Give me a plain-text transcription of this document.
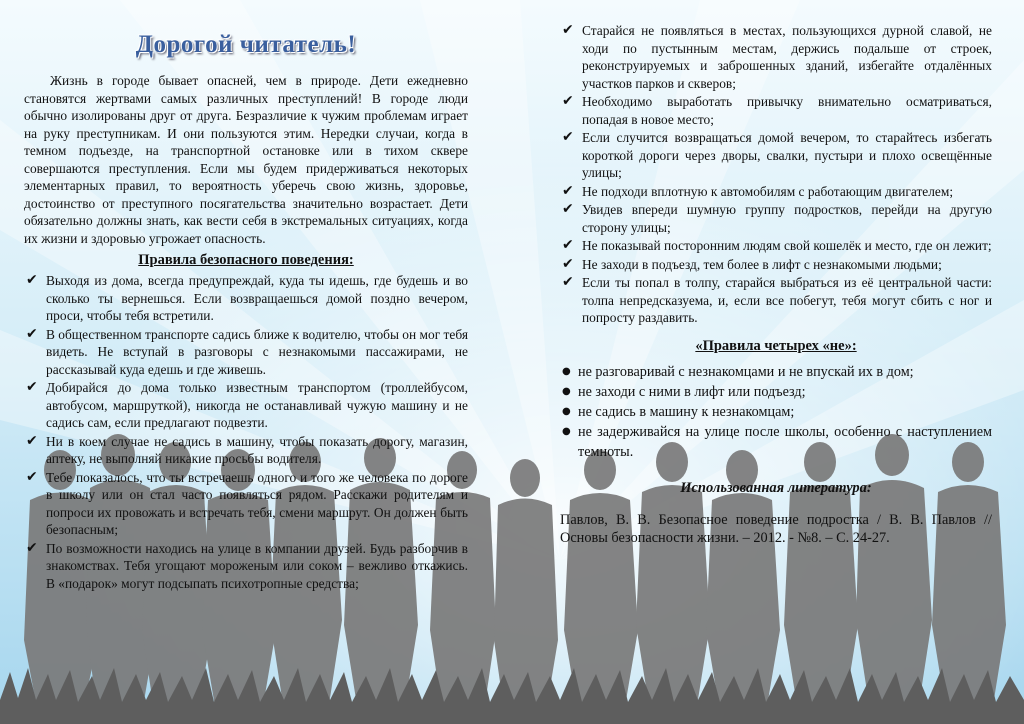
Дорогой читатель!

Жизнь в городе бывает опасней, чем в природе. Дети ежедневно становятся жертвами самых различных преступлений! В городе люди обычно изолированы друг от друга. Безразличие к чужим проблемам играет на руку преступникам. И они пользуются этим. Нередки случаи, когда в темном подъезде, на транспортной остановке или в тихом сквере совершаются преступления. Если мы будем придерживаться некоторых элементарных правил, то вероятность уберечь свою жизнь, здоровье, достоинство от преступного посягательства значительно возрастает. Дети обязательно должны знать, как вести себя в экстремальных ситуациях, когда их жизни и здоровью угрожает опасность.

Правила безопасного поведения:
✔ Выходя из дома, всегда предупреждай, куда ты идешь, где будешь и во сколько ты вернешься. Если возвращаешься домой поздно вечером, проси, чтобы тебя встретили.
✔ В общественном транспорте садись ближе к водителю, чтобы он мог тебя видеть. Не вступай в разговоры с незнакомыми пассажирами, не рассказывай куда едешь и где живешь.
✔ Добирайся до дома только известным транспортом (троллейбусом, автобусом, маршруткой), никогда не останавливай чужую машину и не садись сам, если предлагают подвезти.
✔ Ни в коем случае не садись в машину, чтобы показать дорогу, магазин, аптеку, не выполняй никакие просьбы водителя.
✔ Тебе показалось, что ты встречаешь одного и того же человека по дороге в школу или он стал часто появляться рядом. Расскажи родителям и попроси их провожать и встречать тебя, смени маршрут. Он должен быть безопасным;
✔ По возможности находись на улице в компании друзей. Будь разборчив в знакомствах. Тебя угощают мороженым или соком – вежливо откажись. В «подарок» могут подсыпать психотропные средства;
✔ Старайся не появляться в местах, пользующихся дурной славой, не ходи по пустынным местам, держись подальше от строек, реконструируемых и заброшенных зданий, избегайте отдалённых участков парков и скверов;
✔ Необходимо выработать привычку внимательно осматриваться, попадая в новое место;
✔ Если случится возвращаться домой вечером, то старайтесь избегать короткой дороги через дворы, свалки, пустыри и плохо освещённые улицы;
✔ Не подходи вплотную к автомобилям с работающим двигателем;
✔ Увидев впереди шумную группу подростков, перейди на другую сторону улицы;
✔ Не показывай посторонним людям свой кошелёк и место, где он лежит;
✔ Не заходи в подъезд, тем более в лифт с незнакомыми людьми;
✔ Если ты попал в толпу, старайся выбраться из её центральной части: толпа непредсказуема, и, если все побегут, тебя могут сбить с ног и попросту раздавить.
«Правила четырех «не»:
● не разговаривай с незнакомцами и не впускай их в дом;
● не заходи с ними в лифт или подъезд;
● не садись в машину к незнакомцам;
● не задерживайся на улице после школы, особенно с наступлением темноты.
Использованная литература:

Павлов, В. В. Безопасное поведение подростка / В. В. Павлов // Основы безопасности жизни. – 2012. - №8. – С. 24-27.
